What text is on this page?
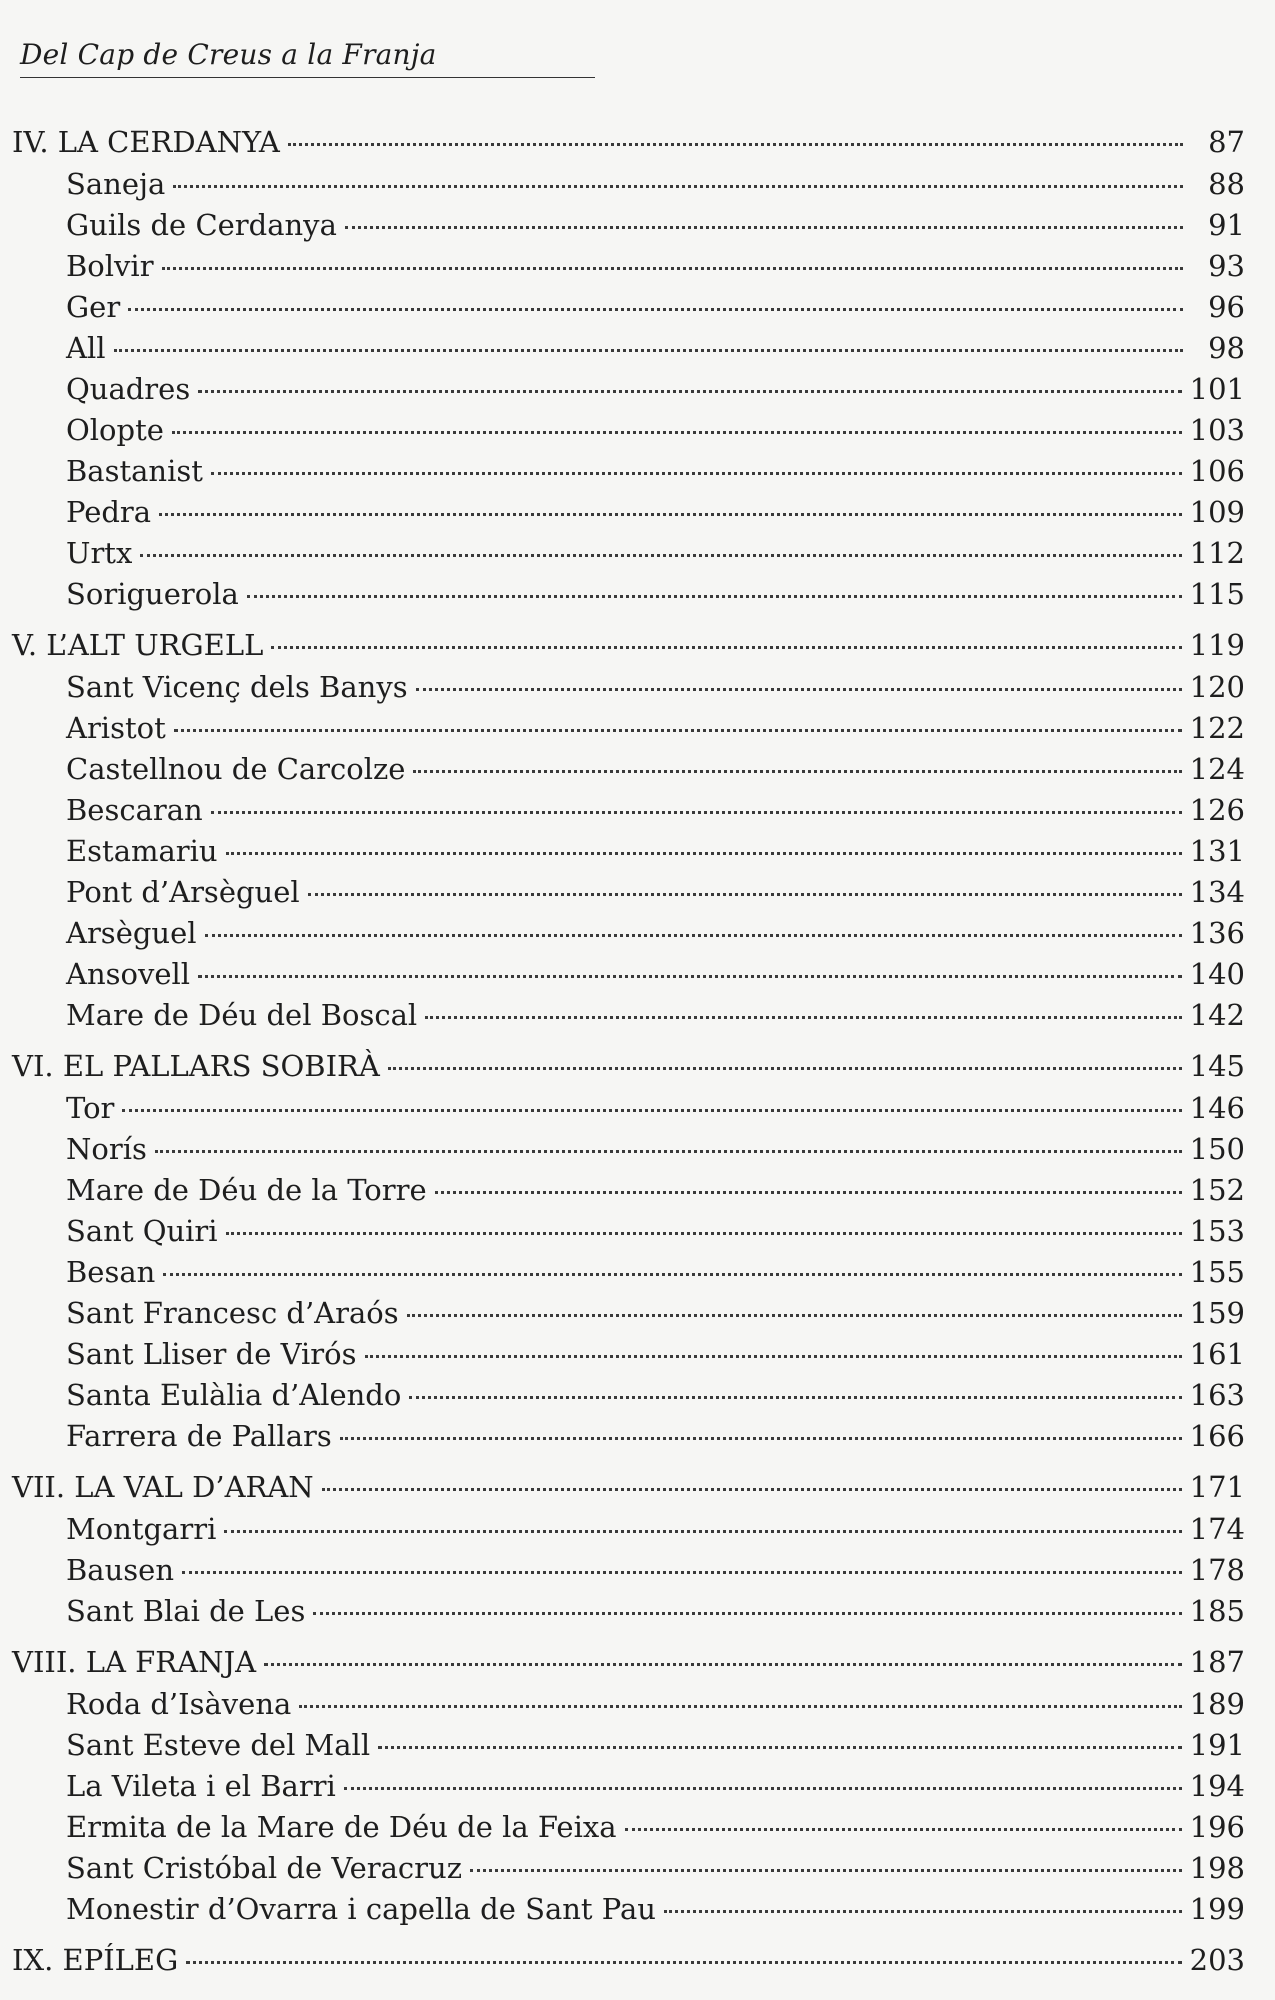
Del Cap de Creus a la Franja
IV. LA CERDANYA	87
Saneja	88
Guils de Cerdanya	91
Bolvir	93
Ger	96
All	98
Quadres	101
Olopte	103
Bastanist	106
Pedra	109
Urtx	112
Soriguerola	115
V. L’ALT URGELL	119
Sant Vicenç dels Banys	120
Aristot	122
Castellnou de Carcolze	124
Bescaran	126
Estamariu	131
Pont d’Arsèguel	134
Arsèguel	136
Ansovell	140
Mare de Déu del Boscal	142
VI. EL PALLARS SOBIRÀ	145
Tor	146
Norís	150
Mare de Déu de la Torre	152
Sant Quiri	153
Besan	155
Sant Francesc d’Araós	159
Sant Lliser de Virós	161
Santa Eulàlia d’Alendo	163
Farrera de Pallars	166
VII. LA VAL D’ARAN	171
Montgarri	174
Bausen	178
Sant Blai de Les	185
VIII. LA FRANJA	187
Roda d’Isàvena	189
Sant Esteve del Mall	191
La Vileta i el Barri	194
Ermita de la Mare de Déu de la Feixa	196
Sant Cristóbal de Veracruz	198
Monestir d’Ovarra i capella de Sant Pau	199
IX. EPÍLEG	203
